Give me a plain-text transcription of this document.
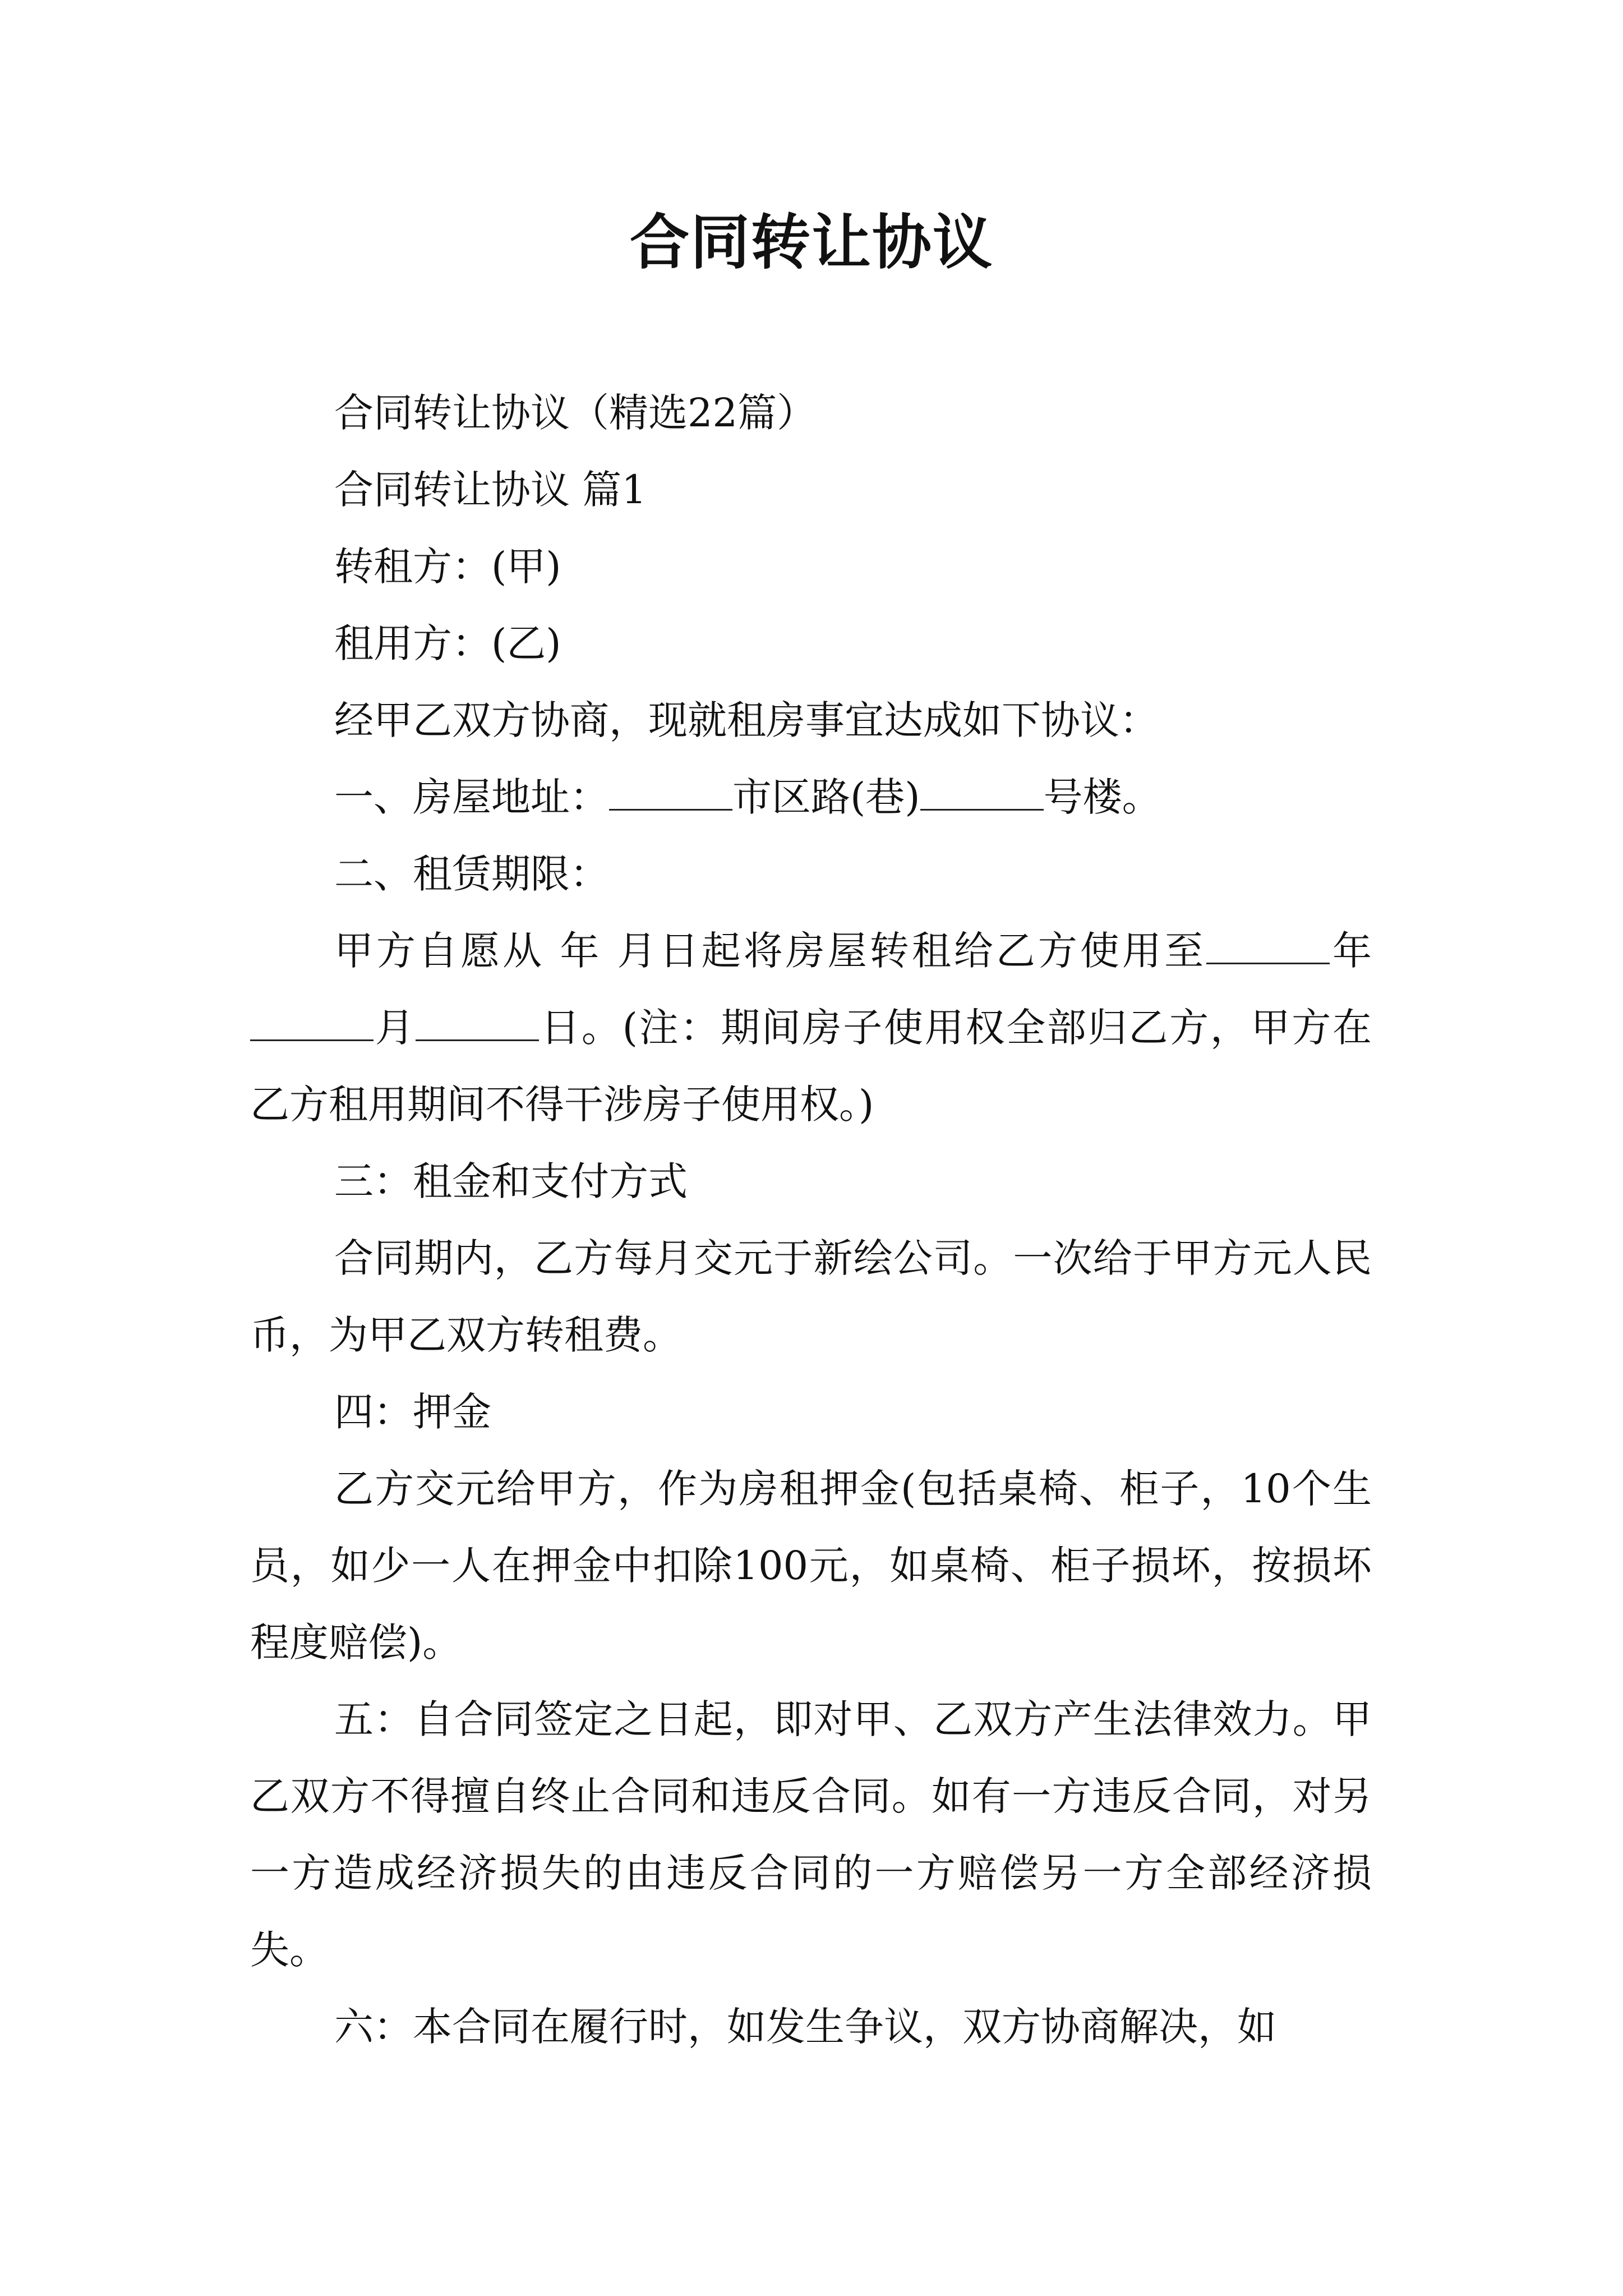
合同转让协议

合同转让协议（精选22篇）

合同转让协议 篇1

转租方：(甲)

租用方：(乙)

经甲乙双方协商，现就租房事宜达成如下协议：

一、房屋地址：	市区路(巷)	号楼。

二、租赁期限：

甲方自愿从 年 月日起将房屋转租给乙方使用至	年月	日。(注：期间房子使用权全部归乙方，甲方在乙方租用期间不得干涉房子使用权。)

三：租金和支付方式

合同期内，乙方每月交元于新绘公司。一次给于甲方元人民币，为甲乙双方转租费。

四：押金

乙方交元给甲方，作为房租押金(包括桌椅、柜子，10个生员，如少一人在押金中扣除100元，如桌椅、柜子损坏，按损坏程度赔偿)。

五：自合同签定之日起，即对甲、乙双方产生法律效力。甲乙双方不得擅自终止合同和违反合同。如有一方违反合同，对另一方造成经济损失的由违反合同的一方赔偿另一方全部经济损失。

六：本合同在履行时，如发生争议，双方协商解决，如
